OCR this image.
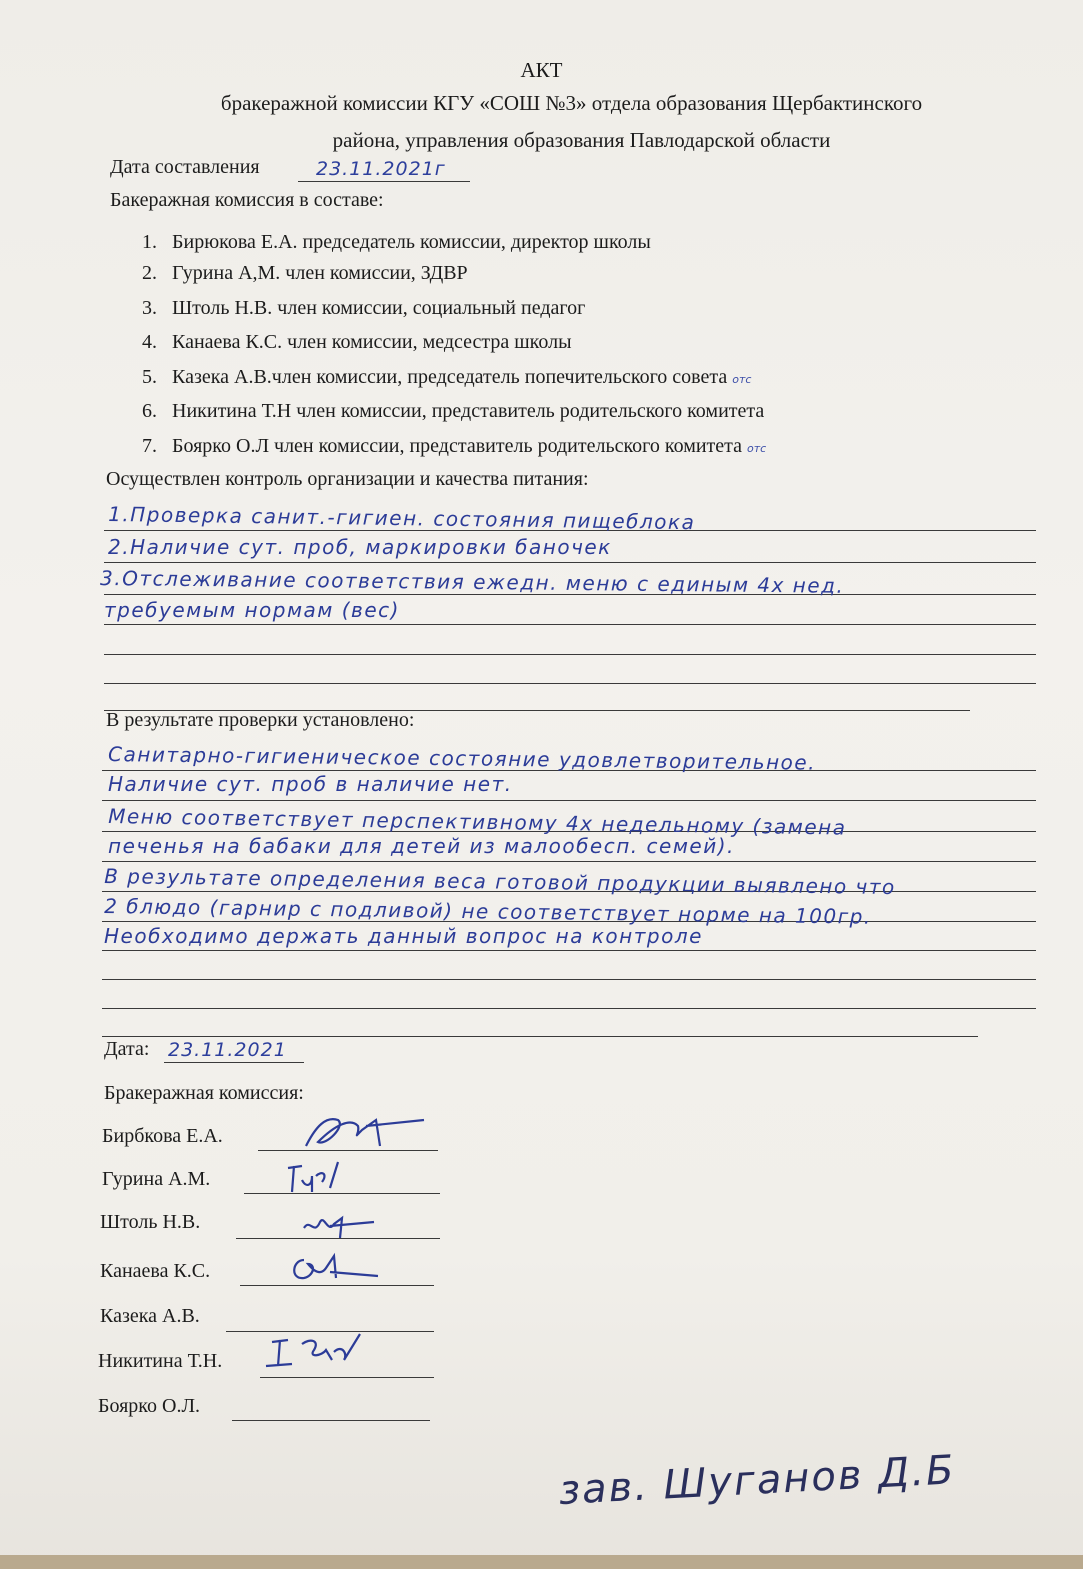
АКТ
бракеражной комиссии КГУ «СОШ №3» отдела образования Щербактинского
района, управления образования Павлодарской области
Дата составления	23.11.2021г
Бакеражная комиссия в составе:
1. Бирюкова Е.А. председатель комиссии, директор школы
2. Гурина А,М. член комиссии, ЗДВР
3. Штоль Н.В. член комиссии, социальный педагог
4. Канаева К.С. член комиссии, медсестра школы
5. Казека А.В.член комиссии, председатель попечительского совета отс
6. Никитина Т.Н член комиссии, представитель родительского комитета
7. Боярко О.Л член комиссии, представитель родительского комитета отс
Осуществлен контроль организации и качества питания:
1.Проверка санит.-гигиен. состояния пищеблока
2.Наличие сут. проб, маркировки баночек
3.Отслеживание соответствия ежедн. меню с единым 4х нед.
требуемым нормам (вес)
В результате проверки установлено:
Санитарно-гигиеническое состояние удовлетворительное.
Наличие сут. проб в наличие нет.
Меню соответствует перспективному 4х недельному (замена
печенья на бабаки для детей из малообесп. семей).
В результате определения веса готовой продукции выявлено что
2 блюдо (гарнир с подливой) не соответствует норме на 100гр.
Необходимо держать данный вопрос на контроле
Дата: 23.11.2021
Бракеражная комиссия:
Бирбкова Е.А.
Гурина А.М.
Штоль Н.В.
Канаева К.С.
Казека А.В.
Никитина Т.Н.
Боярко О.Л.
зав. Шуганов Д.Б
